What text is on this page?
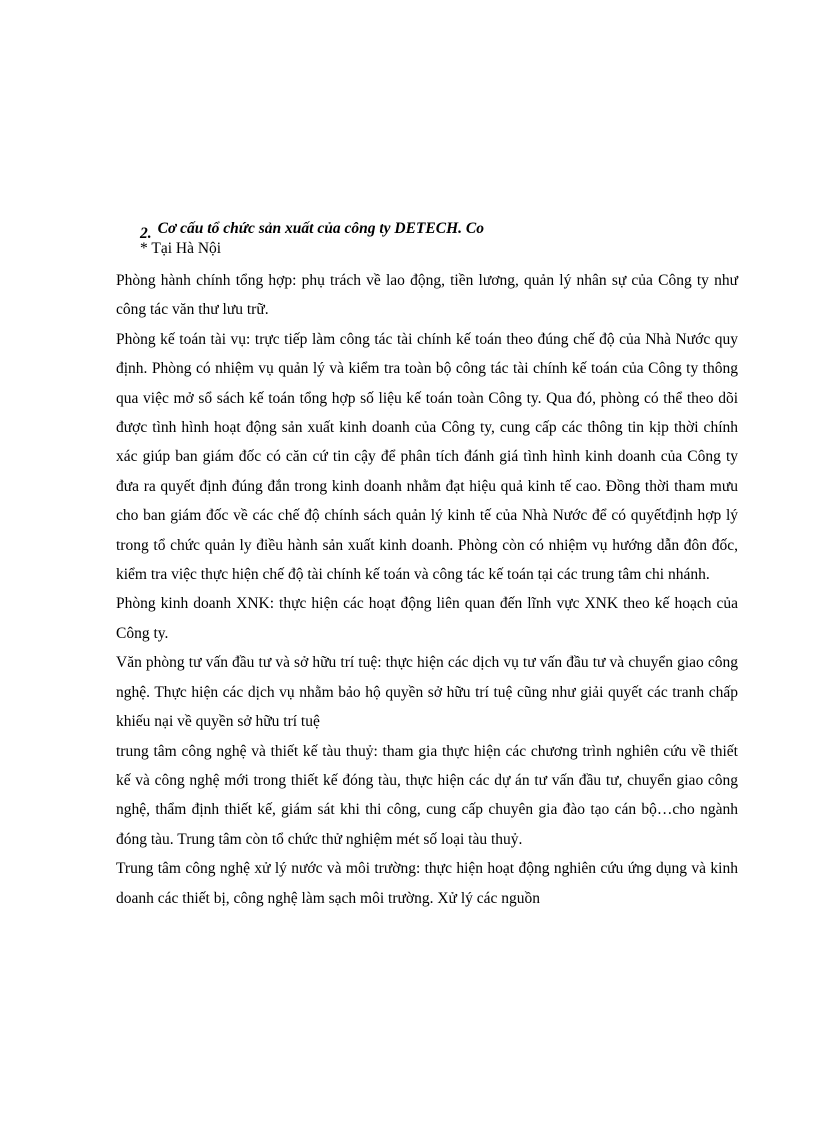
2. Cơ cấu tổ chức sản xuất của công ty DETECH. Co
* Tại Hà Nội

Phòng hành chính tổng hợp: phụ trách về lao động, tiền lương, quản lý nhân sự của Công ty như công tác văn thư lưu trữ.

Phòng kế toán tài vụ: trực tiếp làm công tác tài chính kế toán theo đúng chế độ của Nhà Nước quy định. Phòng có nhiệm vụ quản lý và kiểm tra toàn bộ công tác tài chính kế toán của Công ty thông qua việc mở sổ sách kế toán tổng hợp số liệu kế toán toàn Công ty. Qua đó, phòng có thể theo dõi được tình hình hoạt động sản xuất kinh doanh của Công ty, cung cấp các thông tin kịp thời chính xác giúp ban giám đốc có căn cứ tin cậy để phân tích đánh giá tình hình kinh doanh của Công ty đưa ra quyết định đúng đắn trong kinh doanh nhằm đạt hiệu quả kinh tế cao. Đồng thời tham mưu cho ban giám đốc về các chế độ chính sách quản lý kinh tế của Nhà Nước để có quyếtđịnh hợp lý trong tổ chức quản ly điều hành sản xuất kinh doanh. Phòng còn có nhiệm vụ hướng dẫn đôn đốc, kiểm tra việc thực hiện chế độ tài chính kế toán và công tác kế toán tại các trung tâm chi nhánh.

Phòng kinh doanh XNK: thực hiện các hoạt động liên quan đến lĩnh vực XNK theo kế hoạch của Công ty.

Văn phòng tư vấn đầu tư và sở hữu trí tuệ: thực hiện các dịch vụ tư vấn đầu tư và chuyển giao công nghệ. Thực hiện các dịch vụ nhằm bảo hộ quyền sở hữu trí tuệ cũng như giải quyết các tranh chấp khiếu nại về quyền sở hữu trí tuệ

trung tâm công nghệ và thiết kế tàu thuỷ: tham gia thực hiện các chương trình nghiên cứu về thiết kế và công nghệ mới trong thiết kế đóng tàu, thực hiện các dự án tư vấn đầu tư, chuyển giao công nghệ, thẩm định thiết kế, giám sát khi thi công, cung cấp chuyên gia đào tạo cán bộ…cho ngành đóng tàu. Trung tâm còn tổ chức thử nghiệm mét số loại tàu thuỷ.

Trung tâm công nghệ xử lý nước và môi trường: thực hiện hoạt động nghiên cứu ứng dụng và kinh doanh các thiết bị, công nghệ làm sạch môi trường. Xử lý các nguồn
